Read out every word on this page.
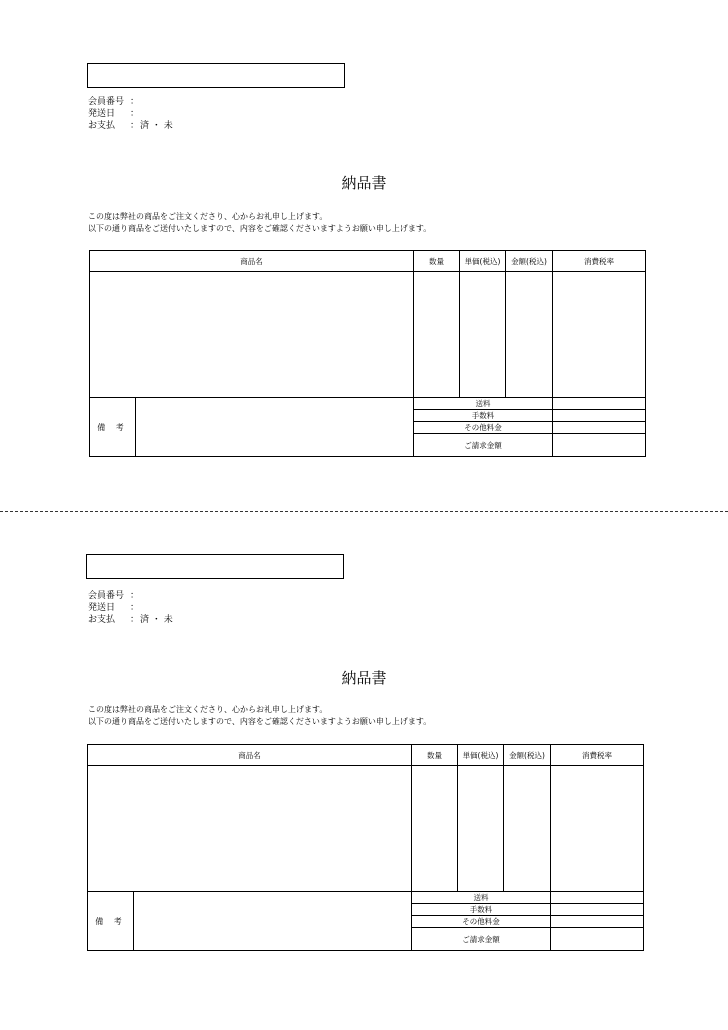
会員番号 ：
発送日	：
お支払	： 済 ・ 未
納品書
この度は弊社の商品をご注文くださり、心からお礼申し上げます。
以下の通り商品をご送付いたしますので、内容をご確認くださいますようお願い申し上げます。
商品名		数量	単価(税込)	金額(税込)	消費税率

備 考		送料			
		手数料			
		その他料金			
		ご請求金額			
会員番号 ：
発送日	：
お支払	： 済 ・ 未
納品書
この度は弊社の商品をご注文くださり、心からお礼申し上げます。
以下の通り商品をご送付いたしますので、内容をご確認くださいますようお願い申し上げます。
商品名		数量	単価(税込)	金額(税込)	消費税率

備 考		送料			
		手数料			
		その他料金			
		ご請求金額			
